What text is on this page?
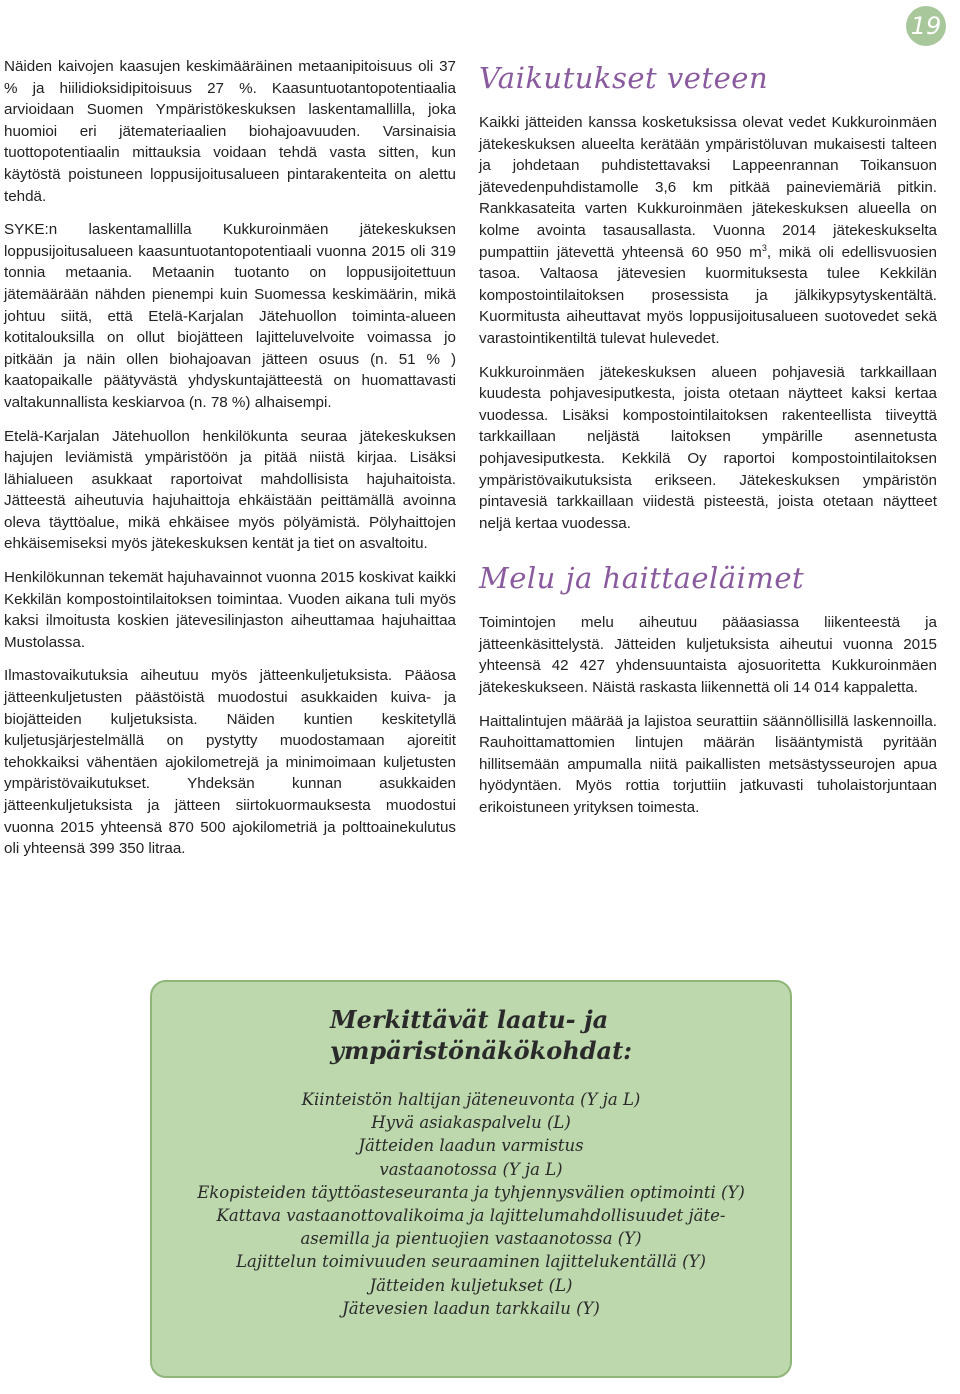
19

Näiden kaivojen kaasujen keskimääräinen metaanipitoisuus oli 37 % ja hiilidioksidipitoisuus 27 %. Kaasuntuotantopotentiaalia arvioidaan Suomen Ympäristökeskuksen laskentamallilla, joka huomioi eri jätemateriaalien biohajoavuuden. Varsinaisia tuottopotentiaalin mittauksia voidaan tehdä vasta sitten, kun käytöstä poistuneen loppusijoitusalueen pintarakenteita on alettu tehdä.

SYKE:n laskentamallilla Kukkuroinmäen jätekeskuksen loppusijoitusalueen kaasuntuotantopotentiaali vuonna 2015 oli 319 tonnia metaania. Metaanin tuotanto on loppusijoitettuun jätemäärään nähden pienempi kuin Suomessa keskimäärin, mikä johtuu siitä, että Etelä-Karjalan Jätehuollon toiminta-alueen kotitalouksilla on ollut biojätteen lajitteluvelvoite voimassa jo pitkään ja näin ollen biohajoavan jätteen osuus (n. 51 % ) kaatopaikalle päätyvästä yhdyskuntajätteestä on huomattavasti valtakunnallista keskiarvoa (n. 78 %) alhaisempi.

Etelä-Karjalan Jätehuollon henkilökunta seuraa jätekeskuksen hajujen leviämistä ympäristöön ja pitää niistä kirjaa. Lisäksi lähialueen asukkaat raportoivat mahdollisista hajuhaitoista. Jätteestä aiheutuvia hajuhaittoja ehkäistään peittämällä avoinna oleva täyttöalue, mikä ehkäisee myös pölyämistä. Pölyhaittojen ehkäisemiseksi myös jätekeskuksen kentät ja tiet on asvaltoitu.

Henkilökunnan tekemät hajuhavainnot vuonna 2015 koskivat kaikki Kekkilän kompostointilaitoksen toimintaa. Vuoden aikana tuli myös kaksi ilmoitusta koskien jätevesilinjaston aiheuttamaa hajuhaittaa Mustolassa.

Ilmastovaikutuksia aiheutuu myös jätteenkuljetuksista. Pääosa jätteenkuljetusten päästöistä muodostui asukkaiden kuiva- ja biojätteiden kuljetuksista. Näiden kuntien keskitetyllä kuljetusjärjestelmällä on pystytty muodostamaan ajoreitit tehokkaiksi vähentäen ajokilometrejä ja minimoimaan kuljetusten ympäristövaikutukset. Yhdeksän kunnan asukkaiden jätteenkuljetuksista ja jätteen siirtokuormauksesta muodostui vuonna 2015 yhteensä 870 500 ajokilometriä ja polttoainekulutus oli yhteensä 399 350 litraa.

Vaikutukset veteen

Kaikki jätteiden kanssa kosketuksissa olevat vedet Kukkuroinmäen jätekeskuksen alueelta kerätään ympäristöluvan mukaisesti talteen ja johdetaan puhdistettavaksi Lappeenrannan Toikansuon jätevedenpuhdistamolle 3,6 km pitkää paineviemäriä pitkin. Rankkasateita varten Kukkuroinmäen jätekeskuksen alueella on kolme avointa tasausallasta. Vuonna 2014 jätekeskukselta pumpattiin jätevettä yhteensä 60 950 $m^3$, mikä oli edellisvuosien tasoa. Valtaosa jätevesien kuormituksesta tulee Kekkilän kompostointilaitoksen prosessista ja jälkikypsytyskentältä. Kuormitusta aiheuttavat myös loppusijoitusalueen suotovedet sekä varastointikentiltä tulevat hulevedet.

Kukkuroinmäen jätekeskuksen alueen pohjavesiä tarkkaillaan kuudesta pohjavesiputkesta, joista otetaan näytteet kaksi kertaa vuodessa. Lisäksi kompostointilaitoksen rakenteellista tiiveyttä tarkkaillaan neljästä laitoksen ympärille asennetusta pohjavesiputkesta. Kekkilä Oy raportoi kompostointilaitoksen ympäristövaikutuksista erikseen. Jätekeskuksen ympäristön pintavesiä tarkkaillaan viidestä pisteestä, joista otetaan näytteet neljä kertaa vuodessa.

Melu ja haittaeläimet

Toimintojen melu aiheutuu pääasiassa liikenteestä ja jätteenkäsittelystä. Jätteiden kuljetuksista aiheutui vuonna 2015 yhteensä 42 427 yhdensuuntaista ajosuoritetta Kukkuroinmäen jätekeskukseen. Näistä raskasta liikennettä oli 14 014 kappaletta.

Haittalintujen määrää ja lajistoa seurattiin säännöllisillä laskennoilla. Rauhoittamattomien lintujen määrän lisääntymistä pyritään hillitsemään ampumalla niitä paikallisten metsästysseurojen apua hyödyntäen. Myös rottia torjuttiin jatkuvasti tuholaistorjuntaan erikoistuneen yrityksen toimesta.

Merkittävät laatu- ja
ympäristönäkökohdat:
Kiinteistön haltijan jäteneuvonta (Y ja L)
Hyvä asiakaspalvelu (L)
Jätteiden laadun varmistus
vastaanotossa (Y ja L)
Ekopisteiden täyttöasteseuranta ja tyhjennysvälien optimointi (Y)
Kattava vastaanottovalikoima ja lajittelumahdollisuudet jäte-
asemilla ja pientuojien vastaanotossa (Y)
Lajittelun toimivuuden seuraaminen lajittelukentällä (Y)
Jätteiden kuljetukset (L)
Jätevesien laadun tarkkailu (Y)
